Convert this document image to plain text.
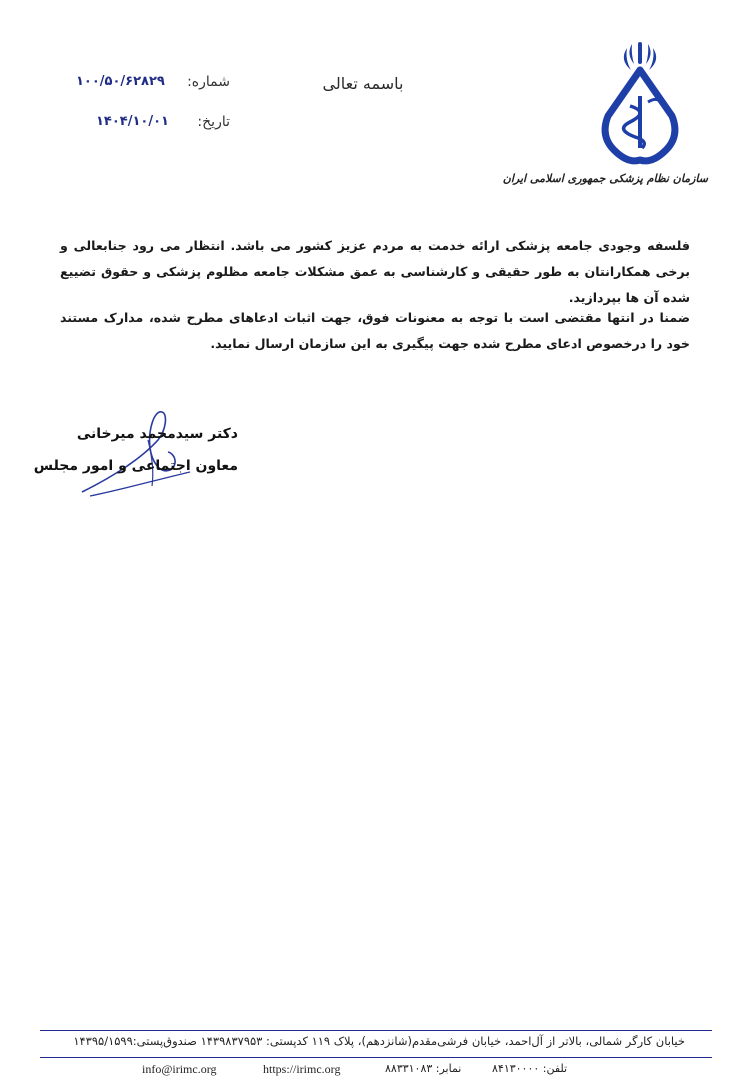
سازمان نظام پزشکی جمهوری اسلامی ایران
باسمه تعالی
شماره:
۱۰۰/۵۰/۶۲۸۲۹
تاریخ:
۱۴۰۴/۱۰/۰۱

فلسفه وجودی جامعه پزشکی ارائه خدمت به مردم عزیز کشور می باشد. انتظار می رود جنابعالی و برخی همکارانتان به طور حقیقی و کارشناسی به عمق مشکلات جامعه مظلوم پزشکی و حقوق تضییع شده آن ها بپردازید.

ضمنا در انتها مقتضی است با توجه به معنونات فوق، جهت اثبات ادعاهای مطرح شده، مدارک مستند خود را درخصوص ادعای مطرح شده جهت پیگیری به این سازمان ارسال نمایید.

دکتر سیدمحمد میرخانی
معاون اجتماعی و امور مجلس
خیابان کارگر شمالی، بالاتر از آل‌احمد، خیابان فرشی‌مقدم(شانزدهم)، پلاک ۱۱۹ کدپستی: ۱۴۳۹۸۳۷۹۵۳ صندوق‌پستی:۱۴۳۹۵/۱۵۹۹
info@irimc.org	https://irimc.org	نمابر: ۸۸۳۳۱۰۸۳	تلفن: ۸۴۱۳۰۰۰۰
